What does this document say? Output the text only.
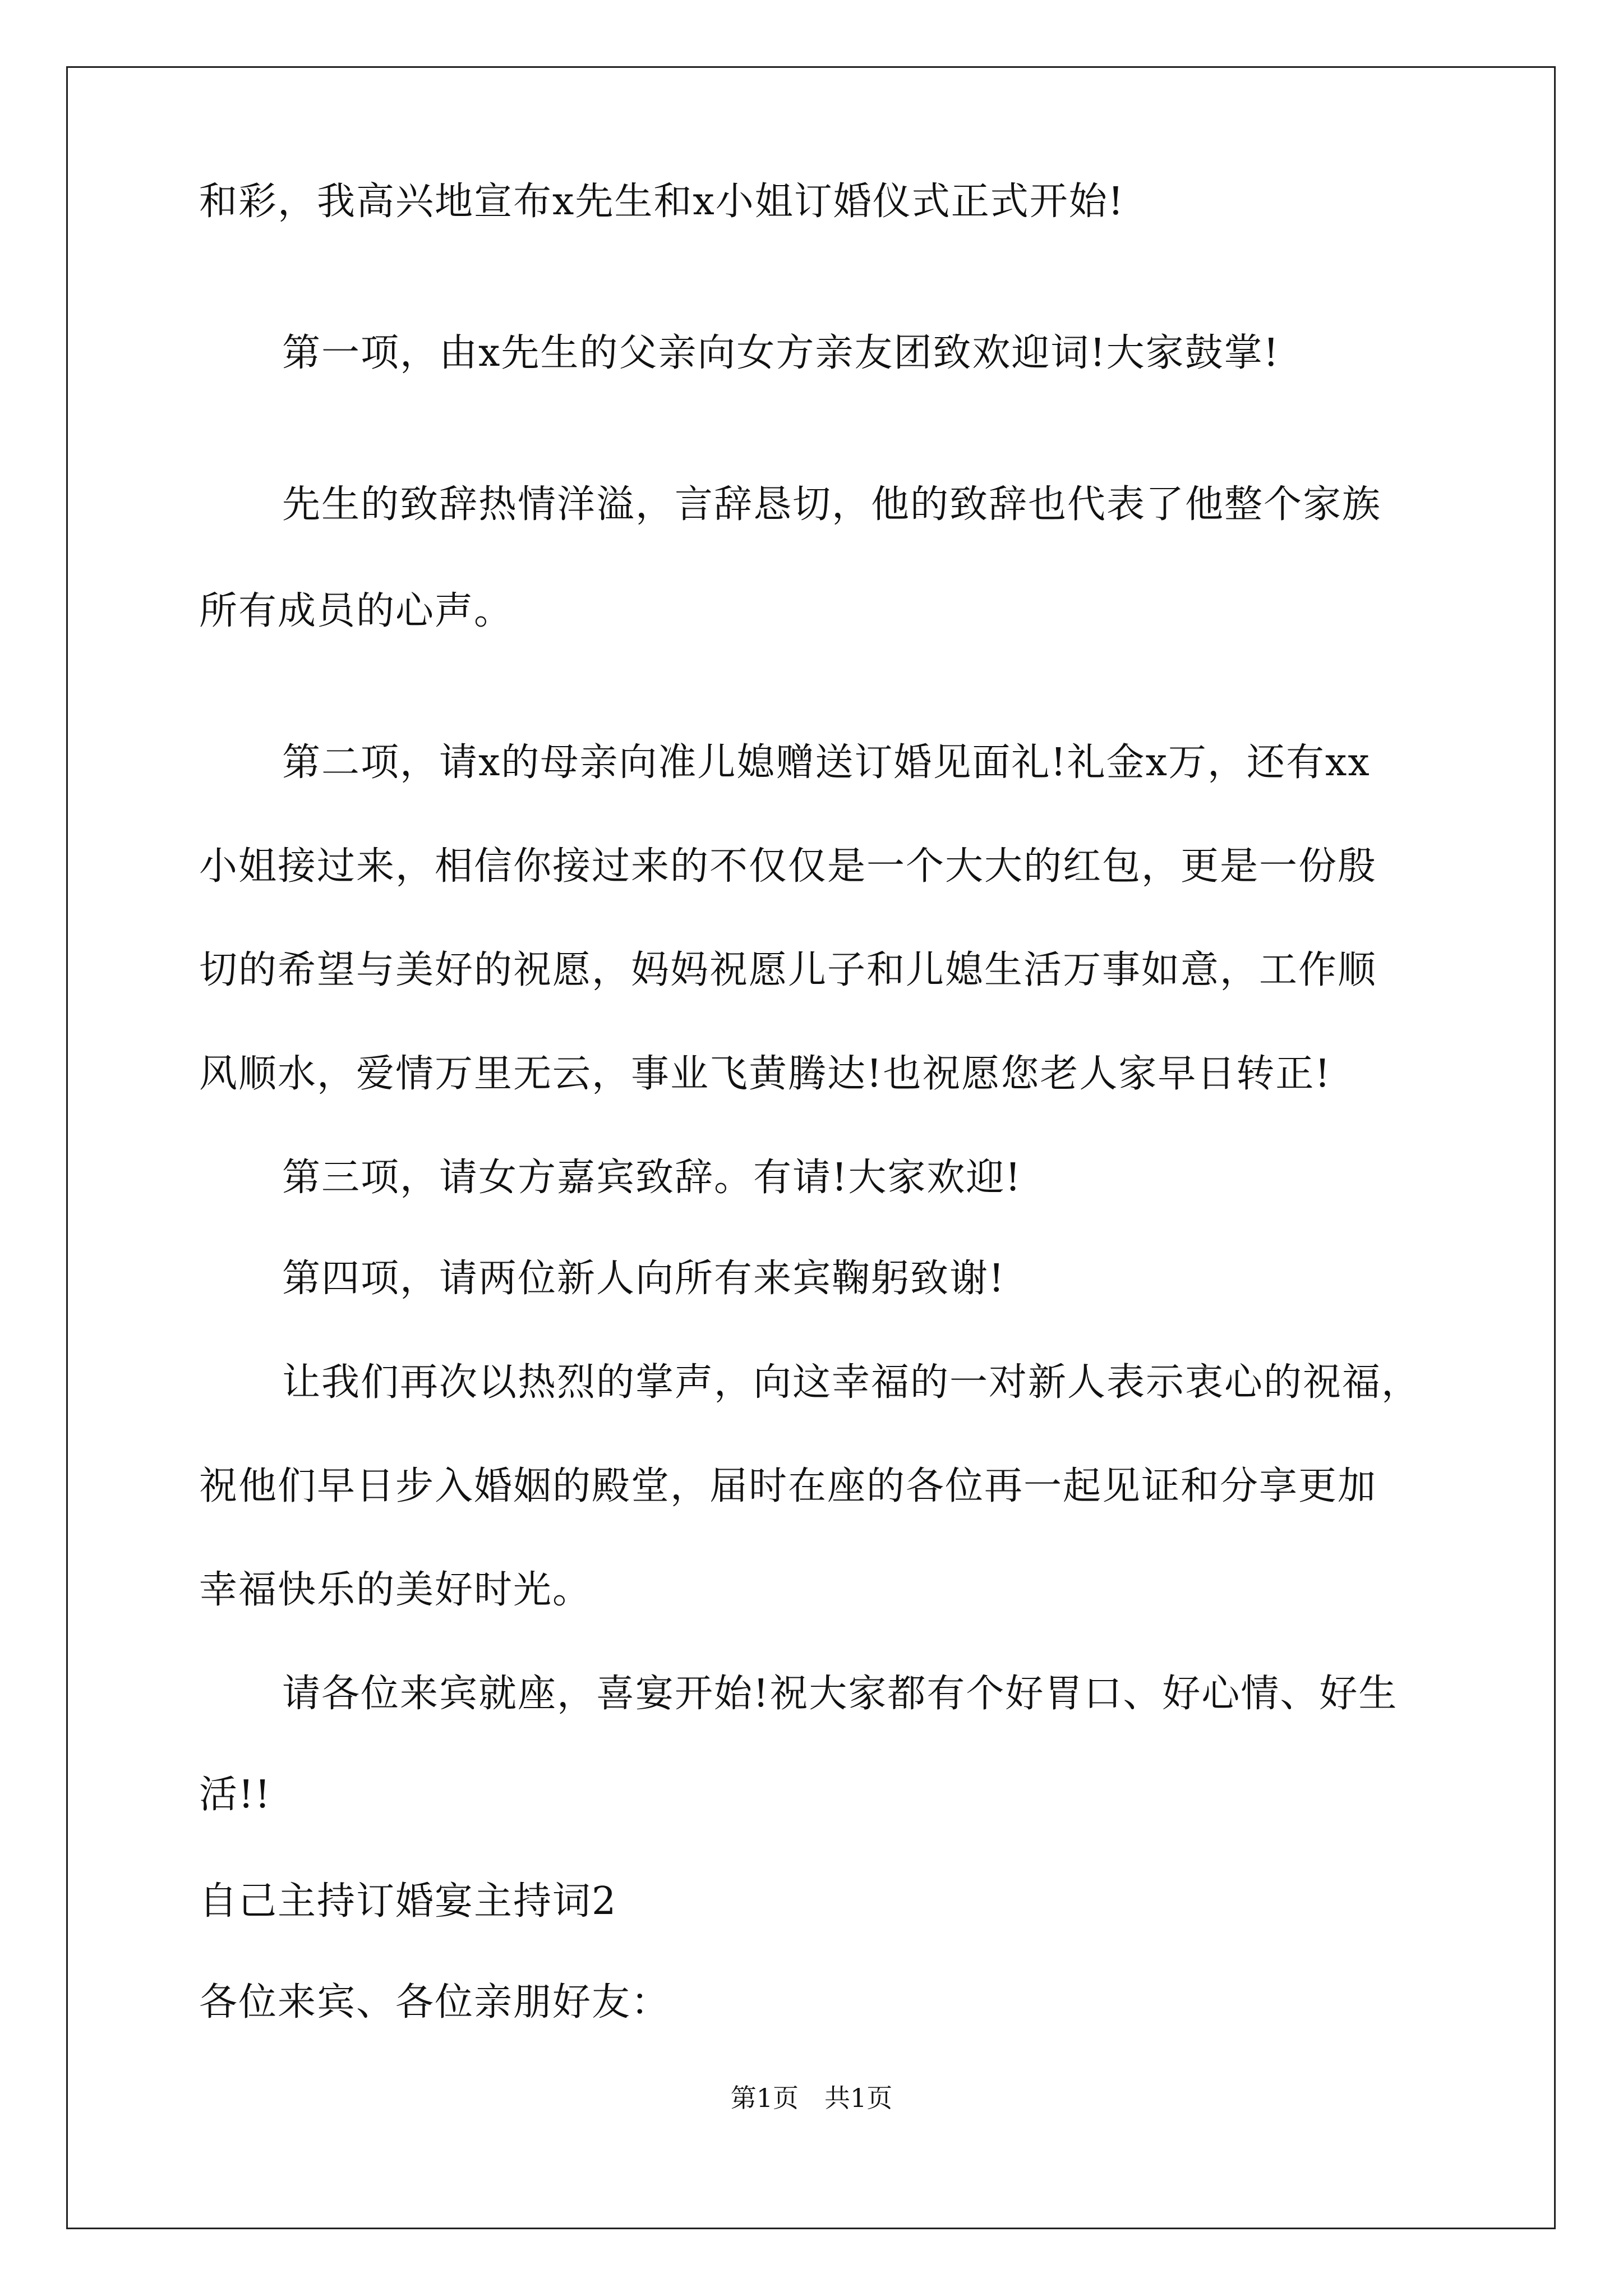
和彩，我高兴地宣布x先生和x小姐订婚仪式正式开始!
第一项，由x先生的父亲向女方亲友团致欢迎词!大家鼓掌!
先生的致辞热情洋溢，言辞恳切，他的致辞也代表了他整个家族
所有成员的心声。
第二项，请x的母亲向准儿媳赠送订婚见面礼!礼金x万，还有xx
小姐接过来，相信你接过来的不仅仅是一个大大的红包，更是一份殷
切的希望与美好的祝愿，妈妈祝愿儿子和儿媳生活万事如意，工作顺
风顺水，爱情万里无云，事业飞黄腾达!也祝愿您老人家早日转正!
第三项，请女方嘉宾致辞。有请!大家欢迎!
第四项，请两位新人向所有来宾鞠躬致谢!
让我们再次以热烈的掌声，向这幸福的一对新人表示衷心的祝福，
祝他们早日步入婚姻的殿堂，届时在座的各位再一起见证和分享更加
幸福快乐的美好时光。
请各位来宾就座，喜宴开始!祝大家都有个好胃口、好心情、好生
活!!
自己主持订婚宴主持词2
各位来宾、各位亲朋好友：
第1页　共1页
